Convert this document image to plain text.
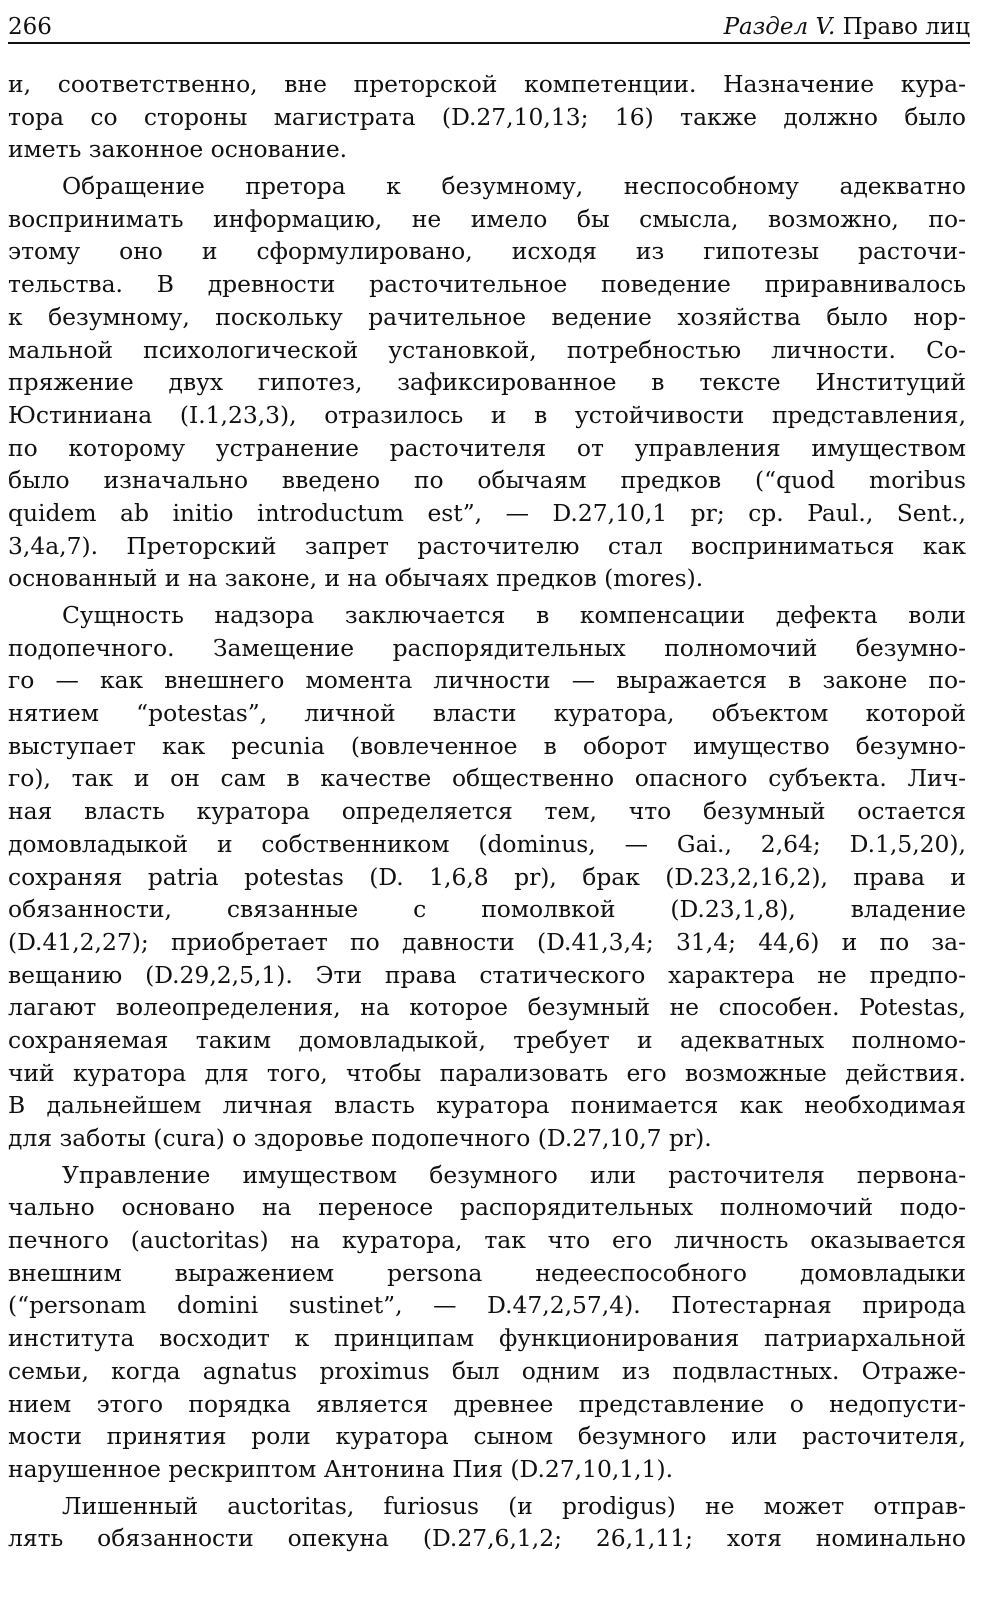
266	Раздел V. Право лиц
и, соответственно, вне преторской компетенции. Назначение кура-
тора со стороны магистрата (D.27,10,13; 16) также должно было
иметь законное основание.
Обращение претора к безумному, неспособному адекватно
воспринимать информацию, не имело бы смысла, возможно, по-
этому оно и сформулировано, исходя из гипотезы расточи-
тельства. В древности расточительное поведение приравнивалось
к безумному, поскольку рачительное ведение хозяйства было нор-
мальной психологической установкой, потребностью личности. Со-
пряжение двух гипотез, зафиксированное в тексте Институций
Юстиниана (I.1,23,3), отразилось и в устойчивости представления,
по которому устранение расточителя от управления имуществом
было изначально введено по обычаям предков (“quod moribus
quidem ab initio introductum est”, — D.27,10,1 pr; ср. Paul., Sent.,
3,4a,7). Преторский запрет расточителю стал восприниматься как
основанный и на законе, и на обычаях предков (mores).
Сущность надзора заключается в компенсации дефекта воли
подопечного. Замещение распорядительных полномочий безумно-
го — как внешнего момента личности — выражается в законе по-
нятием “potestas”, личной власти куратора, объектом которой
выступает как pecunia (вовлеченное в оборот имущество безумно-
го), так и он сам в качестве общественно опасного субъекта. Лич-
ная власть куратора определяется тем, что безумный остается
домовладыкой и собственником (dominus, — Gai., 2,64; D.1,5,20),
сохраняя patria potestas (D. 1,6,8 pr), брак (D.23,2,16,2), права и
обязанности, связанные с помолвкой (D.23,1,8), владение
(D.41,2,27); приобретает по давности (D.41,3,4; 31,4; 44,6) и по за-
вещанию (D.29,2,5,1). Эти права статического характера не предпо-
лагают волеопределения, на которое безумный не способен. Potestas,
сохраняемая таким домовладыкой, требует и адекватных полномо-
чий куратора для того, чтобы парализовать его возможные действия.
В дальнейшем личная власть куратора понимается как необходимая
для заботы (cura) о здоровье подопечного (D.27,10,7 pr).
Управление имуществом безумного или расточителя первона-
чально основано на переносе распорядительных полномочий подо-
печного (auctoritas) на куратора, так что его личность оказывается
внешним выражением persona недееспособного домовладыки
(“personam domini sustinet”, — D.47,2,57,4). Потестарная природа
института восходит к принципам функционирования патриархальной
семьи, когда agnatus proximus был одним из подвластных. Отраже-
нием этого порядка является древнее представление о недопусти-
мости принятия роли куратора сыном безумного или расточителя,
нарушенное рескриптом Антонина Пия (D.27,10,1,1).
Лишенный auctoritas, furiosus (и prodigus) не может отправ-
лять обязанности опекуна (D.27,6,1,2; 26,1,11; хотя номинально
